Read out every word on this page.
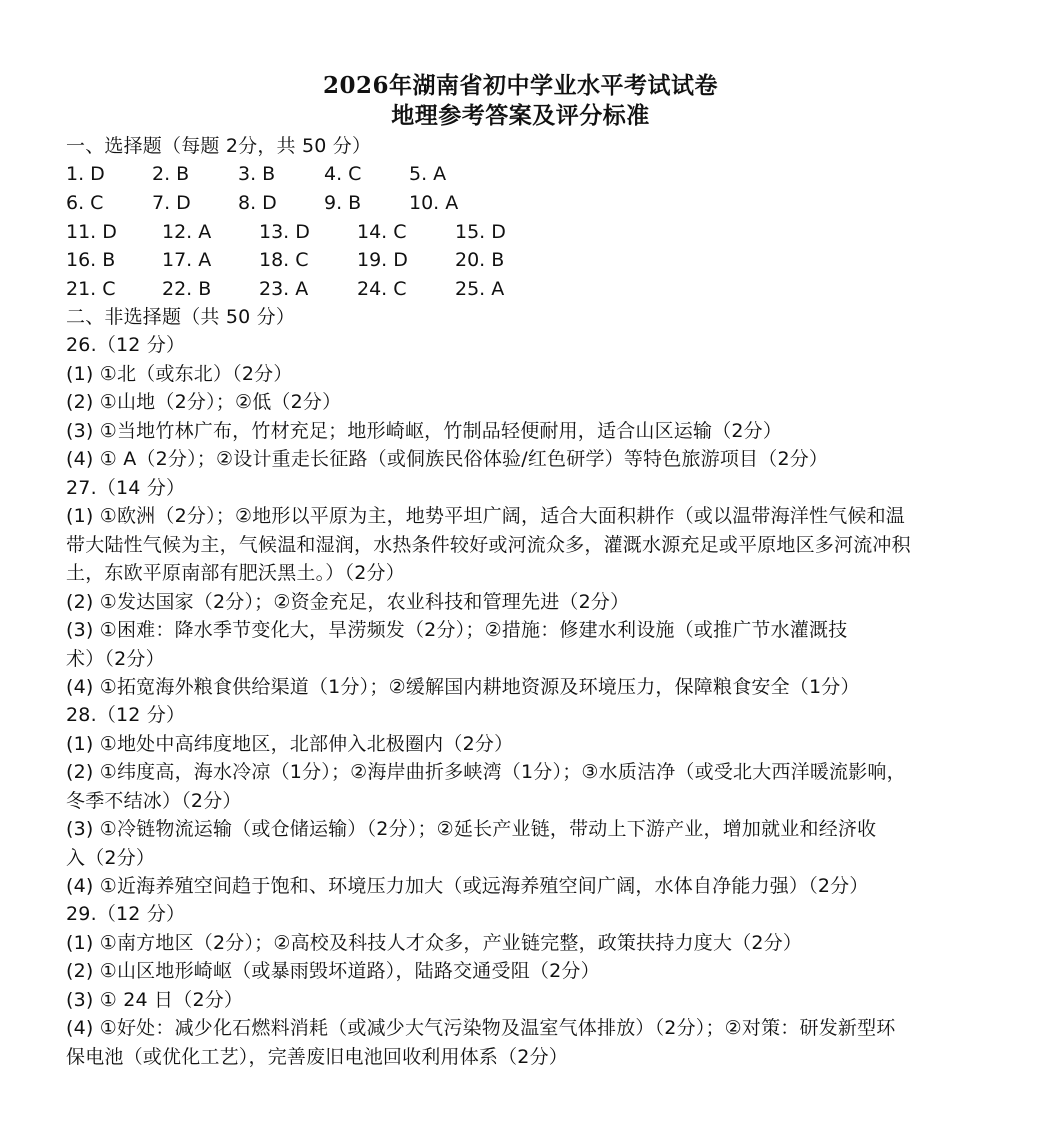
2026年湖南省初中学业水平考试试卷
地理参考答案及评分标准
一、选择题（每题 2分，共 50 分）
1. D 2. B	3. B	4. C	5. A
6. C	7. D 8. D 9. B	10. A
11. D 12. A	13. D 14. C	15. D
16. B 17. A	18. C	19. D 20. B
21. C 22. B	23. A	24. C	25. A
二、非选择题（共 50 分）
26.（12 分）
(1) ①北（或东北）（2分）
(2) ①山地（2分）；②低（2分）
(3) ①当地竹林广布，竹材充足；地形崎岖，竹制品轻便耐用，适合山区运输（2分）
(4) ① A（2分）；②设计重走长征路（或侗族民俗体验/红色研学）等特色旅游项目（2分）
27.（14 分）
(1) ①欧洲（2分）；②地形以平原为主，地势平坦广阔，适合大面积耕作（或以温带海洋性气候和温
带大陆性气候为主，气候温和湿润，水热条件较好或河流众多，灌溉水源充足或平原地区多河流冲积
土，东欧平原南部有肥沃黑土。）（2分）
(2) ①发达国家（2分）；②资金充足，农业科技和管理先进（2分）
(3) ①困难：降水季节变化大，旱涝频发（2分）；②措施：修建水利设施（或推广节水灌溉技
术）（2分）
(4) ①拓宽海外粮食供给渠道（1分）；②缓解国内耕地资源及环境压力，保障粮食安全（1分）
28.（12 分）
(1) ①地处中高纬度地区，北部伸入北极圈内（2分）
(2) ①纬度高，海水冷凉（1分）；②海岸曲折多峡湾（1分）；③水质洁净（或受北大西洋暖流影响，
冬季不结冰）（2分）
(3) ①冷链物流运输（或仓储运输）（2分）；②延长产业链，带动上下游产业，增加就业和经济收
入（2分）
(4) ①近海养殖空间趋于饱和、环境压力加大（或远海养殖空间广阔，水体自净能力强）（2分）
29.（12 分）
(1) ①南方地区（2分）；②高校及科技人才众多，产业链完整，政策扶持力度大（2分）
(2) ①山区地形崎岖（或暴雨毁坏道路），陆路交通受阻（2分）
(3) ① 24 日（2分）
(4) ①好处：减少化石燃料消耗（或减少大气污染物及温室气体排放）（2分）；②对策：研发新型环
保电池（或优化工艺），完善废旧电池回收利用体系（2分）
